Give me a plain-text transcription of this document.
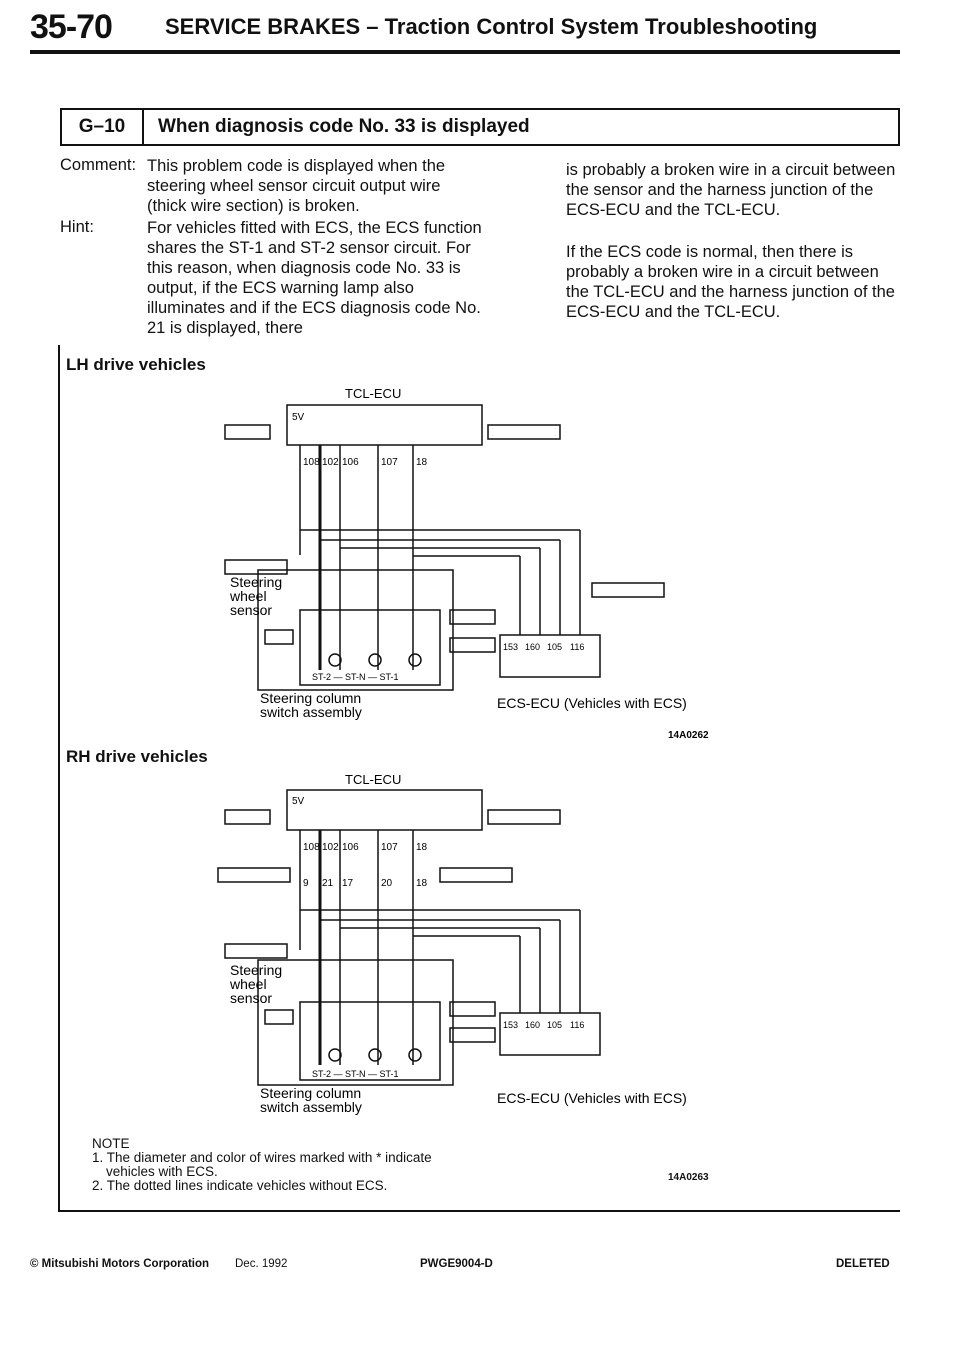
35-70 SERVICE BRAKES – Traction Control System Troubleshooting
G–10	When diagnosis code No. 33 is displayed
Comment: This problem code is displayed when the steering wheel sensor circuit output wire (thick wire section) is broken.
Hint:	For vehicles fitted with ECS, the ECS function shares the ST-1 and ST-2 sensor circuit. For this reason, when diagnosis code No. 33 is output, if the ECS warning lamp also illuminates and if the ECS diagnosis code No. 21 is displayed, there
is probably a broken wire in a circuit between the sensor and the harness junction of the ECS-ECU and the TCL-ECU.
If the ECS code is normal, then there is probably a broken wire in a circuit between the TCL-ECU and the harness junction of the ECS-ECU and the TCL-ECU.
LH drive vehicles
RH drive vehicles
TCL-ECU
5V
108 102 106 107 18
Steering
wheel
sensor
ST-2 — ST-N — ST-1
153 160 105 116
Steering column
switch assembly
ECS-ECU (Vehicles with ECS)
14A0262
TCL-ECU
5V
108 102 106 107 18
9 21 17	20 18
Steering
wheel
sensor
ST-2 — ST-N — ST-1
153 160 105 116
Steering column
switch assembly
ECS-ECU (Vehicles with ECS)
NOTE
1. The diameter and color of wires marked with * indicate
vehicles with ECS.
2. The dotted lines indicate vehicles without ECS.
14A0263
© Mitsubishi Motors Corporation Dec. 1992	PWGE9004-D	DELETED
